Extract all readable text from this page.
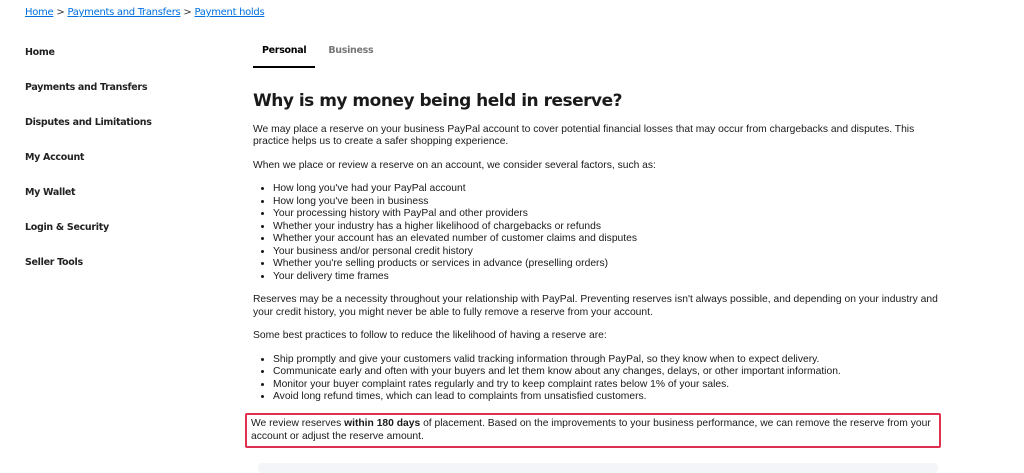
Home > Payments and Transfers > Payment holds
Home
Payments and Transfers
Disputes and Limitations
My Account
My Wallet
Login & Security
Seller Tools
Personal	Business
Why is my money being held in reserve?

We may place a reserve on your business PayPal account to cover potential financial losses that may occur from chargebacks and disputes. This practice helps us to create a safer shopping experience.

When we place or review a reserve on an account, we consider several factors, such as:

• How long you've had your PayPal account
• How long you've been in business
• Your processing history with PayPal and other providers
• Whether your industry has a higher likelihood of chargebacks or refunds
• Whether your account has an elevated number of customer claims and disputes
• Your business and/or personal credit history
• Whether you're selling products or services in advance (preselling orders)
• Your delivery time frames

Reserves may be a necessity throughout your relationship with PayPal. Preventing reserves isn't always possible, and depending on your industry and your credit history, you might never be able to fully remove a reserve from your account.

Some best practices to follow to reduce the likelihood of having a reserve are:

• Ship promptly and give your customers valid tracking information through PayPal, so they know when to expect delivery.
• Communicate early and often with your buyers and let them know about any changes, delays, or other important information.
• Monitor your buyer complaint rates regularly and try to keep complaint rates below 1% of your sales.
• Avoid long refund times, which can lead to complaints from unsatisfied customers.
We review reserves within 180 days of placement. Based on the improvements to your business performance, we can remove the reserve from your account or adjust the reserve amount.
